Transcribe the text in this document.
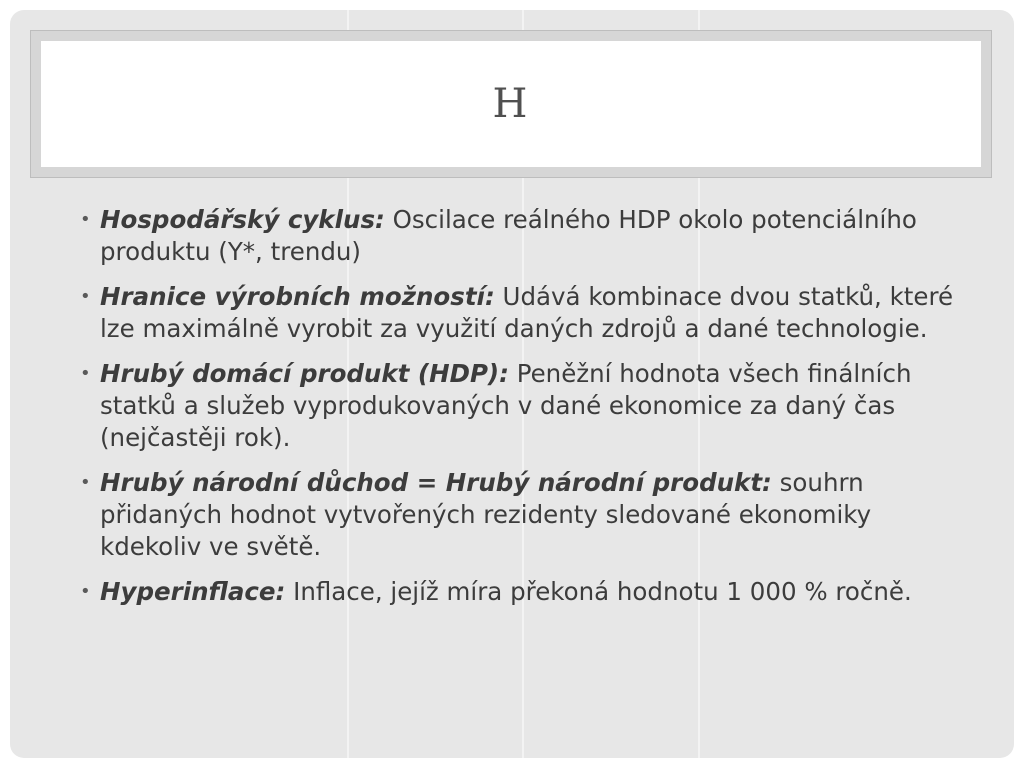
H
• Hospodářský cyklus: Oscilace reálného HDP okolo potenciálního produktu (Y*, trendu)
• Hranice výrobních možností: Udává kombinace dvou statků, které lze maximálně vyrobit za využití daných zdrojů a dané technologie.
• Hrubý domácí produkt (HDP): Peněžní hodnota všech finálních statků a služeb vyprodukovaných v dané ekonomice za daný čas (nejčastěji rok).
• Hrubý národní důchod = Hrubý národní produkt: souhrn přidaných hodnot vytvořených rezidenty sledované ekonomiky kdekoliv ve světě.
• Hyperinflace: Inflace, jejíž míra překoná hodnotu 1 000 % ročně.
